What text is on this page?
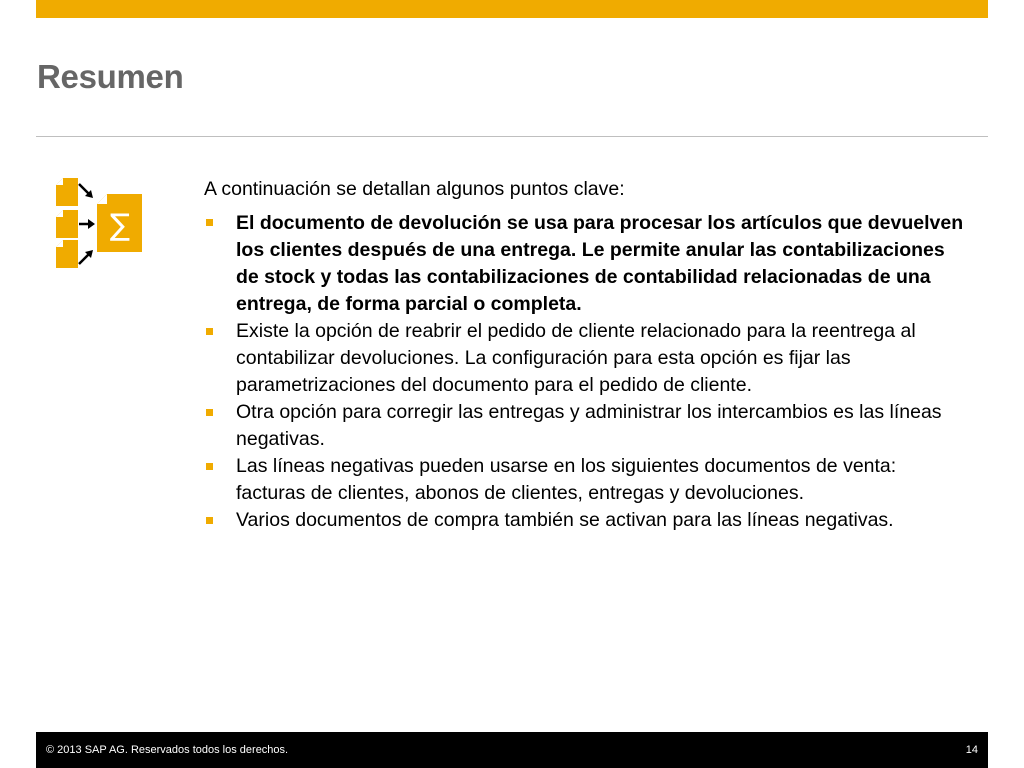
Resumen
∑

A continuación se detallan algunos puntos clave:

El documento de devolución se usa para procesar los artículos que devuelven los clientes después de una entrega. Le permite anular las contabilizaciones de stock y todas las contabilizaciones de contabilidad relacionadas de una entrega, de forma parcial o completa.
Existe la opción de reabrir el pedido de cliente relacionado para la reentrega al contabilizar devoluciones. La configuración para esta opción es fijar las parametrizaciones del documento para el pedido de cliente.
Otra opción para corregir las entregas y administrar los intercambios es las líneas negativas.
Las líneas negativas pueden usarse en los siguientes documentos de venta: facturas de clientes, abonos de clientes, entregas y devoluciones.
Varios documentos de compra también se activan para las líneas negativas.
© 2013 SAP AG. Reservados todos los derechos.	14
